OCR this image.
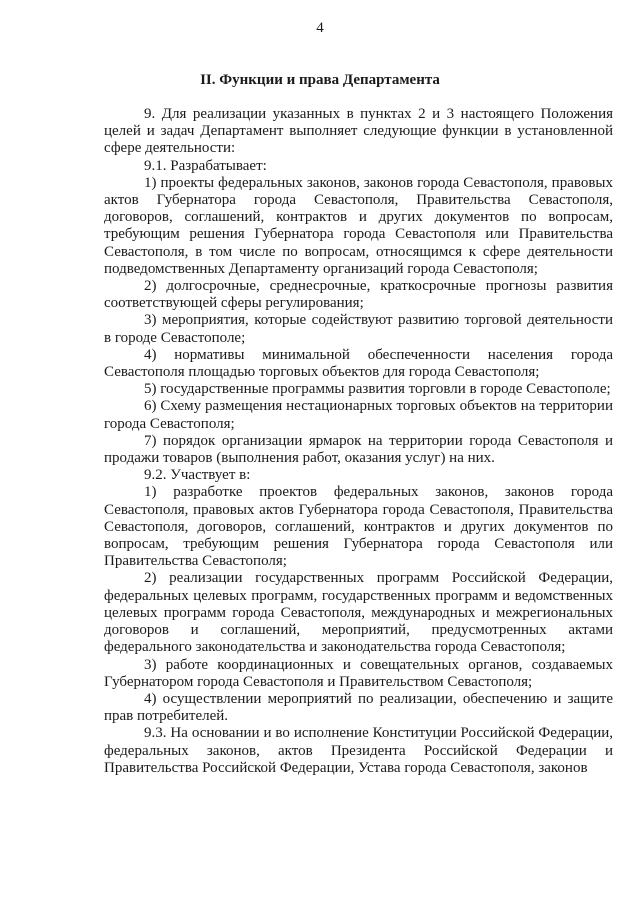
4
II. Функции и права Департамента

9. Для реализации указанных в пунктах 2 и 3 настоящего Положения целей и задач Департамент выполняет следующие функции в установленной сфере деятельности:

9.1. Разрабатывает:

1) проекты федеральных законов, законов города Севастополя, правовых актов Губернатора города Севастополя, Правительства Севастополя, договоров, соглашений, контрактов и других документов по вопросам, требующим решения Губернатора города Севастополя или Правительства Севастополя, в том числе по вопросам, относящимся к сфере деятельности подведомственных Департаменту организаций города Севастополя;

2) долгосрочные, среднесрочные, краткосрочные прогнозы развития соответствующей сферы регулирования;

3) мероприятия, которые содействуют развитию торговой деятельности в городе Севастополе;

4) нормативы минимальной обеспеченности населения города Севастополя площадью торговых объектов для города Севастополя;

5) государственные программы развития торговли в городе Севастополе;

6) Схему размещения нестационарных торговых объектов на территории города Севастополя;

7) порядок организации ярмарок на территории города Севастополя и продажи товаров (выполнения работ, оказания услуг) на них.

9.2. Участвует в:

1) разработке проектов федеральных законов, законов города Севастополя, правовых актов Губернатора города Севастополя, Правительства Севастополя, договоров, соглашений, контрактов и других документов по вопросам, требующим решения Губернатора города Севастополя или Правительства Севастополя;

2) реализации государственных программ Российской Федерации, федеральных целевых программ, государственных программ и ведомственных целевых программ города Севастополя, международных и межрегиональных договоров и соглашений, мероприятий, предусмотренных актами федерального законодательства и законодательства города Севастополя;

3) работе координационных и совещательных органов, создаваемых Губернатором города Севастополя и Правительством Севастополя;

4) осуществлении мероприятий по реализации, обеспечению и защите прав потребителей.

9.3. На основании и во исполнение Конституции Российской Федерации, федеральных законов, актов Президента Российской Федерации и Правительства Российской Федерации, Устава города Севастополя, законов
